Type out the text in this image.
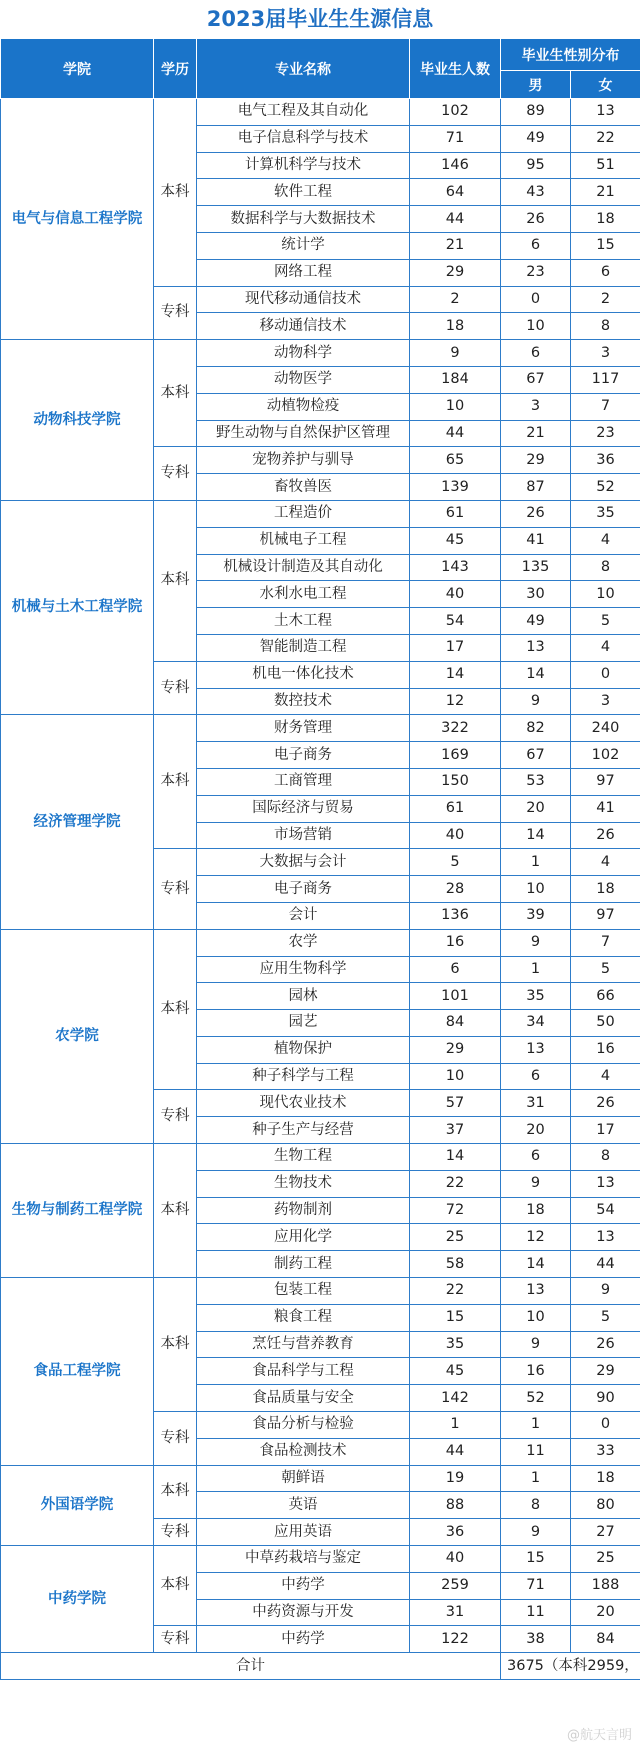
2023届毕业生生源信息
学院	学历	专业名称	毕业生人数	毕业生性别分布	
				男	女
电气与信息工程学院	本科	电气工程及其自动化	102	89	13
		电子信息科学与技术	71	49	22
		计算机科学与技术	146	95	51
		软件工程	64	43	21
		数据科学与大数据技术	44	26	18
		统计学	21	6	15
		网络工程	29	23	6
	专科	现代移动通信技术	2	0	2
		移动通信技术	18	10	8
动物科技学院	本科	动物科学	9	6	3
		动物医学	184	67	117
		动植物检疫	10	3	7
		野生动物与自然保护区管理	44	21	23
	专科	宠物养护与驯导	65	29	36
		畜牧兽医	139	87	52
机械与土木工程学院	本科	工程造价	61	26	35
		机械电子工程	45	41	4
		机械设计制造及其自动化	143	135	8
		水利水电工程	40	30	10
		土木工程	54	49	5
		智能制造工程	17	13	4
	专科	机电一体化技术	14	14	0
		数控技术	12	9	3
经济管理学院	本科	财务管理	322	82	240
		电子商务	169	67	102
		工商管理	150	53	97
		国际经济与贸易	61	20	41
		市场营销	40	14	26
	专科	大数据与会计	5	1	4
		电子商务	28	10	18
		会计	136	39	97
农学院	本科	农学	16	9	7
		应用生物科学	6	1	5
		园林	101	35	66
		园艺	84	34	50
		植物保护	29	13	16
		种子科学与工程	10	6	4
	专科	现代农业技术	57	31	26
		种子生产与经营	37	20	17
生物与制药工程学院	本科	生物工程	14	6	8
		生物技术	22	9	13
		药物制剂	72	18	54
		应用化学	25	12	13
		制药工程	58	14	44
食品工程学院	本科	包装工程	22	13	9
		粮食工程	15	10	5
		烹饪与营养教育	35	9	26
		食品科学与工程	45	16	29
		食品质量与安全	142	52	90
	专科	食品分析与检验	1	1	0
		食品检测技术	44	11	33
外国语学院	本科	朝鲜语	19	1	18
		英语	88	8	80
	专科	应用英语	36	9	27
中药学院	本科	中草药栽培与鉴定	40	15	25
		中药学	259	71	188
		中药资源与开发	31	11	20
	专科	中药学	122	38	84
合计				3675（本科2959，	
@航天言明
